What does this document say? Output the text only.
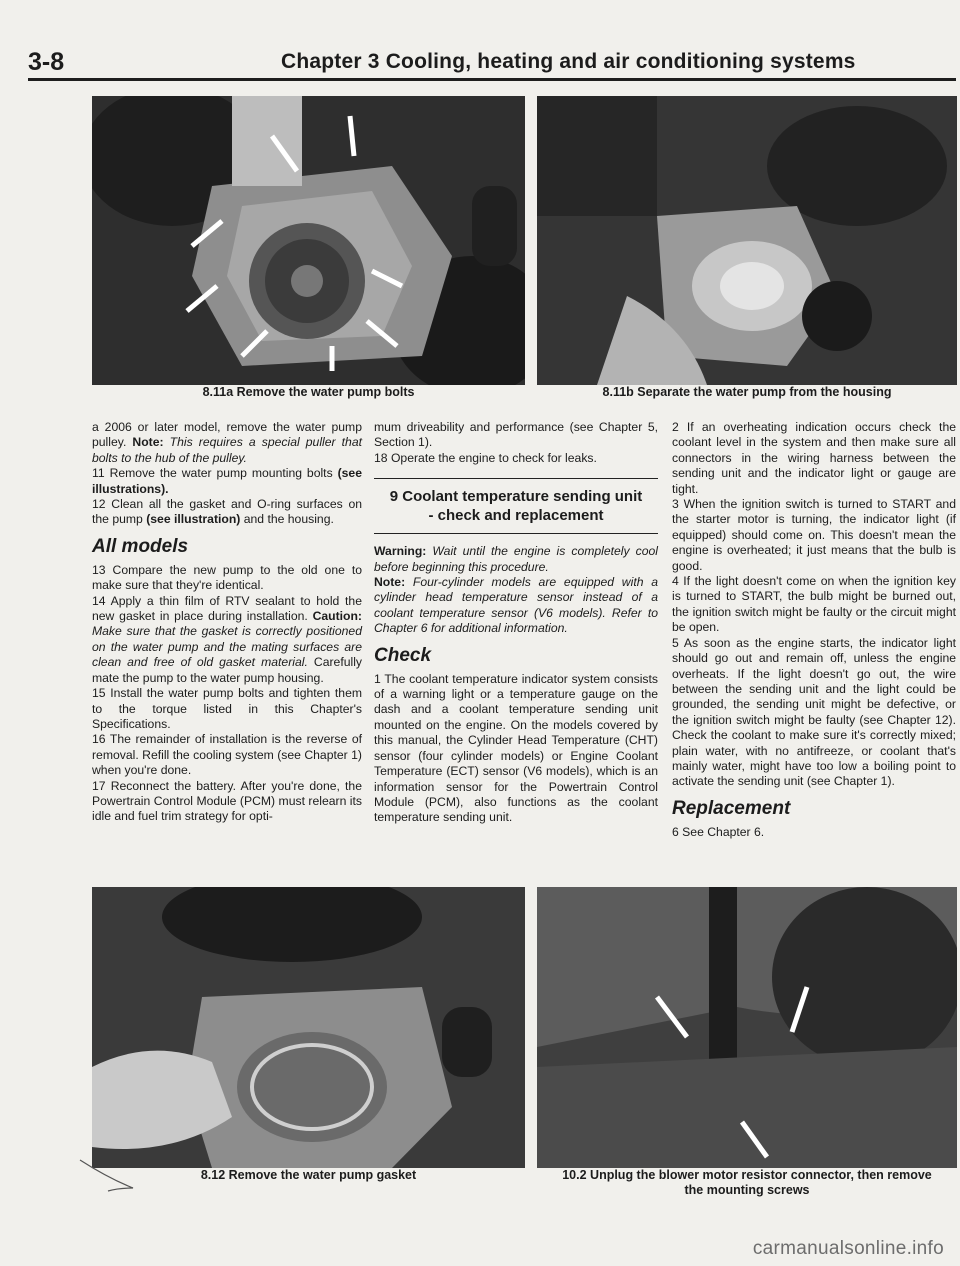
3-8	Chapter 3 Cooling, heating and air conditioning systems
8.11a Remove the water pump bolts	8.11b Separate the water pump from the housing

a 2006 or later model, remove the water pump pulley. Note: This requires a special puller that bolts to the hub of the pulley.

11 Remove the water pump mounting bolts (see illustrations).

12 Clean all the gasket and O-ring surfaces on the pump (see illustration) and the housing.

All models

13 Compare the new pump to the old one to make sure that they're identical.

14 Apply a thin film of RTV sealant to hold the new gasket in place during installation. Caution: Make sure that the gasket is correctly positioned on the water pump and the mating surfaces are clean and free of old gasket material. Carefully mate the pump to the water pump housing.

15 Install the water pump bolts and tighten them to the torque listed in this Chapter's Specifications.

16 The remainder of installation is the reverse of removal. Refill the cooling system (see Chapter 1) when you're done.

17 Reconnect the battery. After you're done, the Powertrain Control Module (PCM) must relearn its idle and fuel trim strategy for opti-

mum driveability and performance (see Chapter 5, Section 1).

18 Operate the engine to check for leaks.

9 Coolant temperature sending unit
- check and replacement

Warning: Wait until the engine is completely cool before beginning this procedure.

Note: Four-cylinder models are equipped with a cylinder head temperature sensor instead of a coolant temperature sensor (V6 models). Refer to Chapter 6 for additional information.

Check

1 The coolant temperature indicator system consists of a warning light or a temperature gauge on the dash and a coolant temperature sending unit mounted on the engine. On the models covered by this manual, the Cylinder Head Temperature (CHT) sensor (four cylinder models) or Engine Coolant Temperature (ECT) sensor (V6 models), which is an information sensor for the Powertrain Control Module (PCM), also functions as the coolant temperature sending unit.

2 If an overheating indication occurs check the coolant level in the system and then make sure all connectors in the wiring harness between the sending unit and the indicator light or gauge are tight.

3 When the ignition switch is turned to START and the starter motor is turning, the indicator light (if equipped) should come on. This doesn't mean the engine is overheated; it just means that the bulb is good.

4 If the light doesn't come on when the ignition key is turned to START, the bulb might be burned out, the ignition switch might be faulty or the circuit might be open.

5 As soon as the engine starts, the indicator light should go out and remain off, unless the engine overheats. If the light doesn't go out, the wire between the sending unit and the light could be grounded, the sending unit might be defective, or the ignition switch might be faulty (see Chapter 12). Check the coolant to make sure it's correctly mixed; plain water, with no antifreeze, or coolant that's mainly water, might have too low a boiling point to activate the sending unit (see Chapter 1).

Replacement

6 See Chapter 6.

8.12 Remove the water pump gasket	10.2 Unplug the blower motor resistor connector, then remove
the mounting screws
carmanualsonline.info
